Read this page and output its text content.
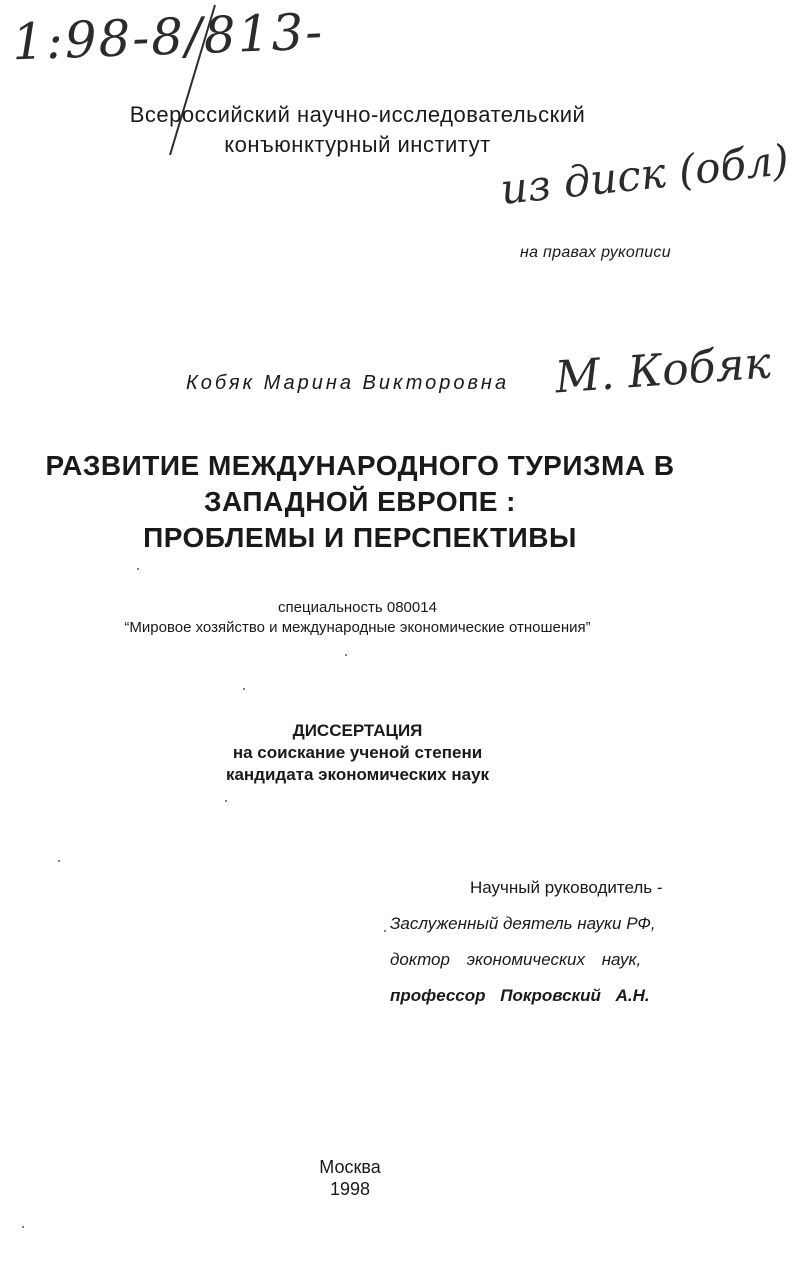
1:98-8/813-
из диск (обл)
М. Кобяк
Всероссийский научно-исследовательский
конъюнктурный институт
на правах рукописи
Кобяк Марина Викторовна
РАЗВИТИЕ МЕЖДУНАРОДНОГО ТУРИЗМА В
ЗАПАДНОЙ ЕВРОПЕ :
ПРОБЛЕМЫ И ПЕРСПЕКТИВЫ
специальность 080014
“Мировое хозяйство и международные экономические отношения”
ДИССЕРТАЦИЯ
на соискание ученой степени
кандидата экономических наук
Научный руководитель -
Заслуженный деятель науки РФ,
доктор экономических наук,
профессор Покровский А.Н.
Москва
1998
